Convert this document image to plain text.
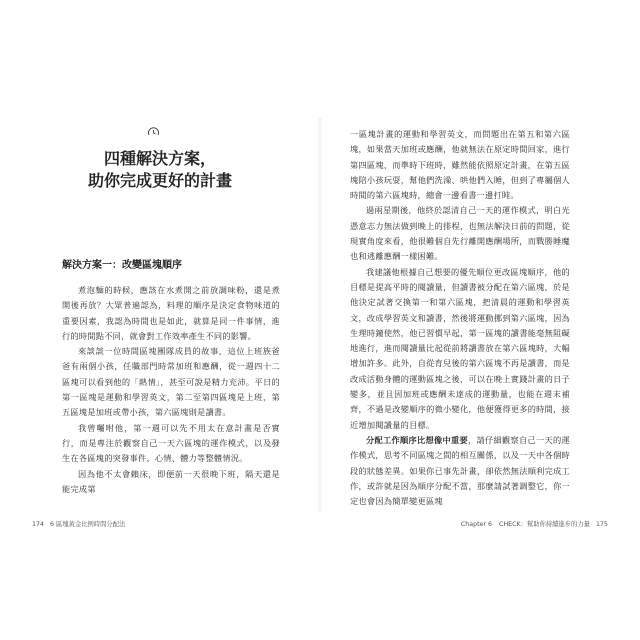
四種解決方案，
助你完成更好的計畫
解決方案一：改變區塊順序

煮泡麵的時候，應該在水煮開之前放調味粉，還是煮開後再放？大眾普遍認為，料理的順序是決定食物味道的重要因素，我認為時間也是如此，就算是同一件事情，進行的時間點不同，就會對工作效率產生不同的影響。

來談談一位時間區塊團隊成員的故事，這位上班族爸爸有兩個小孩，任職部門時常加班和應酬，從一週四十二區塊可以看到他的「熱情」，甚至可說是精力充沛。平日的第一區塊是運動和學習英文，第二至第四區塊是上班，第五區塊是加班或帶小孩，第六區塊則是讀書。

我曾囑咐他，第一週可以先不用太在意計畫是否實行，而是專注於觀察自己一天六區塊的運作模式，以及發生在各區塊的突發事件、心情、體力等整體情況。

因為他不太會賴床，即便前一天很晚下班，隔天還是能完成第

一區塊計畫的運動和學習英文，而問題出在第五和第六區塊，如果當天加班或應酬，他就無法在原定時間回家，進行第四區塊，而準時下班時，雖然能依照原定計畫，在第五區塊陪小孩玩耍，幫他們洗澡、哄他們入睡，但到了專屬個人時間的第六區塊時，總會一邊看書一邊打盹。

過兩星期後，他終於認清自己一天的運作模式，明白光憑意志力無法做到晚上的排程，也無法解決日前的問題，從現實角度來看，他很難個自先行離開應酬場所，而戰勝睡魔也和逃離應酬一樣困難。

我建議他根據自己想要的優先順位更改區塊順序，他的目標是提高平時的閱讀量，但讀書被分配在第六區塊，於是他決定試著交換第一和第六區塊，把清晨的運動和學習英文，改成學習英文和讀書，然後將運動挪到第六區塊，因為生理時鐘使然，他已習慣早起，第一區塊的讀書能毫無阻礙地進行，進而閱讀量比起從前將讀書放在第六區塊時，大幅增加許多。此外，自從育兒後的第六區塊不再是讀書，而是改成活動身體的運動區塊之後，可以在晚上實踐計畫的日子變多，並且因加班或應酬未達成的運動量，也能在週末補齊，不過是改變順序的微小變化，他便獲得更多的時間，接近增加閱讀量的目標。

分配工作順序比想像中重要，請仔細觀察自己一天的運作模式，思考不同區塊之間的相互關係，以及一天中各個時段的狀態差異。如果你已事先計畫，卻依然無法順利完成工作，或許就是因為順序分配不當，那麼請試著調整它，你一定也會因為簡單變更區塊

174 6 區塊黃金比例時間分配法	Chapter 6 CHECK：幫助你持續進步的力量 175
